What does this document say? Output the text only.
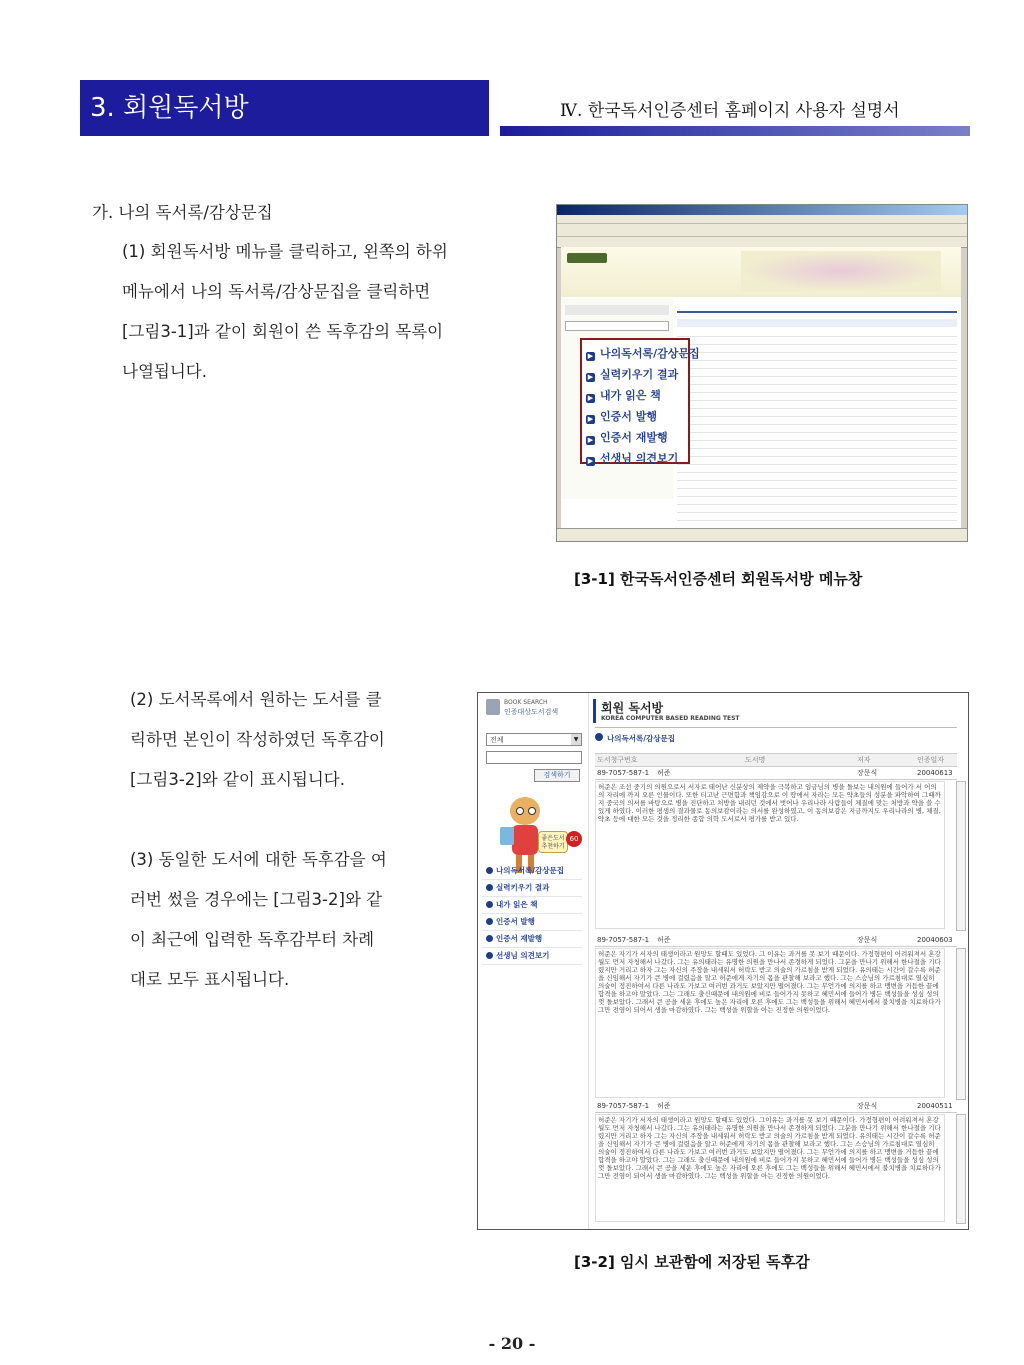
3. 회원독서방	Ⅳ. 한국독서인증센터 홈페이지 사용자 설명서
가. 나의 독서록/감상문집
(1) 회원독서방 메뉴를 클릭하고, 왼쪽의 하위
메뉴에서 나의 독서록/감상문집을 클릭하면
[그림3-1]과 같이 회원이 쓴 독후감의 목록이
나열됩니다.
▶ 나의독서록/감상문집
▶ 실력키우기 결과
▶ 내가 읽은 책
▶ 인증서 발행
▶ 인증서 재발행
▶ 선생님 의견보기
[3-1] 한국독서인증센터 회원독서방 메뉴창
(2) 도서목록에서 원하는 도서를 클
릭하면 본인이 작성하였던 독후감이
[그림3-2]와 같이 표시됩니다.
(3) 동일한 도서에 대한 독후감을 여
러번 썼을 경우에는 [그림3-2]와 같
이 최근에 입력한 독후감부터 차례
대로 모두 표시됩니다.
BOOK SEARCH
인증대상도서검색
전체	▼
검색하기
좋은도서 추천하기
60
나의독서록/감상문집
실력키우기 결과
내가 읽은 책
인증서 발행
인증서 재발행
선생님 의견보기
회원 독서방
KOREA COMPUTER BASED READING TEST
나의독서록/감상문집
도서청구번호	도서명	저자	인증일자
89-7057-587-1 허준	장문식	20040613
허준은 조선 중기의 의원으로서 서자로 태어난 신분상의 제약을 극복하고 임금님의 병을 돌보는 내의원에 들어가 서 어의의 자리에 까지 오른 인물이다. 또한 티고난 근면함과 책임감으로 이 땅에서 자라는 모든 약초들의 성분을 파악하여 그때까지 중국의 의서를 바탕으로 병을 진단하고 처방을 내리던 것에서 벗어나 우리나라 사람들이 체질에 맞는 처방과 약을 쓸 수 있게 하였다. 이러한 평생의 결과물로 동의보감이라는 의서를 완성하였고, 이 동의보감은 지금까지도 우리나라의 병, 체질, 약초 등에 대한 모든 것을 정리한 종합 의학 도서로서 평가를 받고 있다.
89-7057-587-1 허준	장문식	20040603
허준은 자기가 서자의 태생이라고 원망도 할때도 있었다. 그 이유는 과거를 못 보기 때문이다. 가정형편이 어려워져서 혼강월도 먼저 자청해서 나갔다. 그는 유의태라는 유명한 의원을 만나서 존경하게 되었다. 그분을 만나기 위해서 한나절을 기다렸지만 거리고 하자 그는 자신의 주장을 내세워서 허락도 받고 의술의 가르침을 받게 되었다. 유의태는 시간이 갈수록 허준을 신임해서 자기가 큰 병에 걸렸음을 알고 허준에게 자기의 몸을 관찰해 보라고 했다. 그는 스승님의 가르침대로 열심히 의술이 정진하여서 다른 나라도 가보고 여러번 과거도 보았지만 떨어졌다. 그는 무언가에 의지를 하고 맹변을 거듭한 끝에 합격을 하고야 말았다. 그는 그래도 출신때문에 내의원에 비로 들어가지 못하고 혜민서에 들어가 병든 백성들을 성심 성의껏 돌보았다. 그래서 큰 공을 세운 후에도 높은 자리에 오른 후에도 그는 백성들을 위해서 혜민서에서 불치병을 치료하다가 그만 전염이 되어서 생을 마감하였다. 그는 백성을 위할을 아는 진정한 의원이었다.
89-7057-587-1 허준	장문식	20040511
허준은 자기가 서자의 태생이라고 원망도 할때도 있었다. 그이유는 과거를 못 보기 때문이다. 가정형편이 어려워져서 혼강월도 먼저 자청해서 나갔다. 그는 유의태라는 유명한 의원을 만나서 존경하게 되었다. 그분을 만나기 위해서 한나절을 기다렸지만 거리고 하자 그는 자신의 주장을 내세워서 허락도 받고 의술의 가르침을 받게 되었다. 유의태는 시간이 갈수록 허준을 신임해서 자기가 큰 병에 걸렸음을 알고 허준에게 자기의 몸을 관찰해 보라고 했다. 그는 스승님의 가르침대로 열심히 의술이 정진하여서 다른 나라도 가보고 여러번 과거도 보았지만 떨어졌다. 그는 무언가에 의지를 하고 맹변을 거듭한 끝에 합격을 하고야 말았다. 그는 그래도 출신때문에 내의원에 비로 들어가지 못하고 혜민서에 들어가 병든 백성들을 성심 성의껏 돌보았다. 그래서 큰 공을 세운 후에도 높은 자리에 오른 후에도 그는 백성들을 위해서 혜민서에서 불치병을 치료하다가 그만 전염이 되어서 생을 마감하였다. 그는 백성을 위할을 아는 진정한 의원이었다.
[3-2] 임시 보관함에 저장된 독후감
- 20 -
